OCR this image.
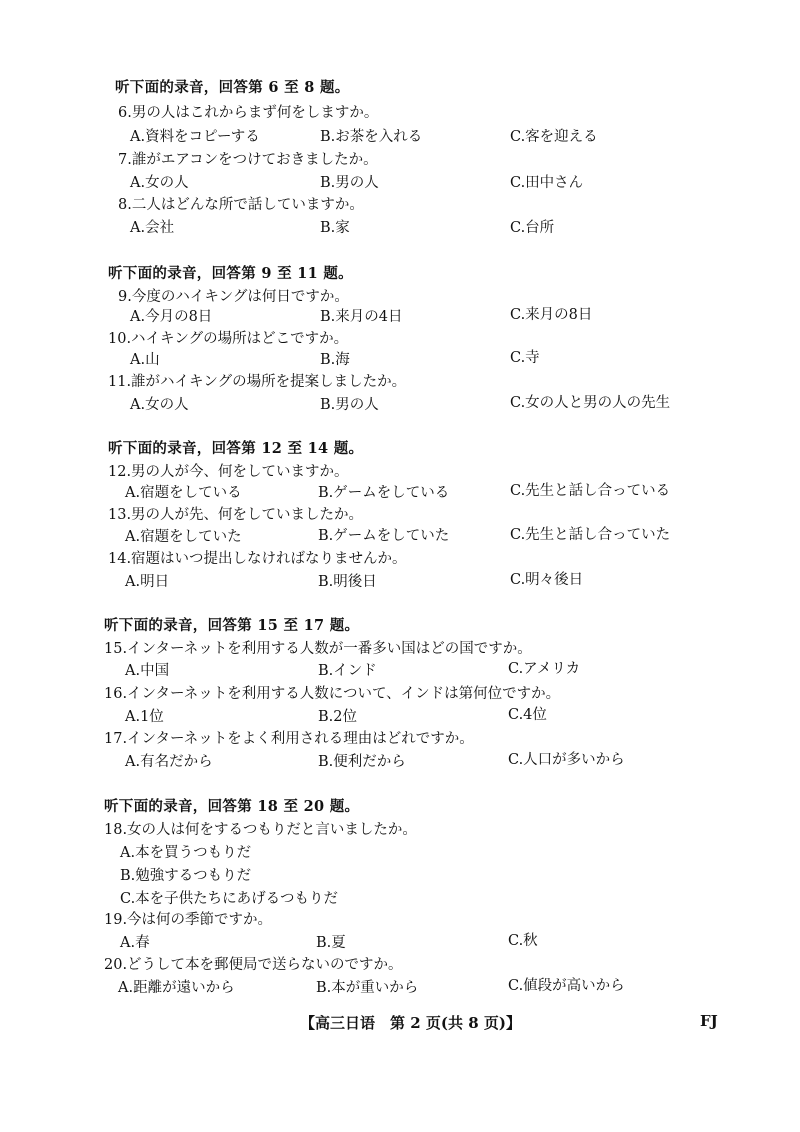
听下面的录音，回答第 6 至 8 题。
6.男の人はこれからまず何をしますか。
A.資料をコピーする	B.お茶を入れる	C.客を迎える
7.誰がエアコンをつけておきましたか。
A.女の人	B.男の人	C.田中さん
8.二人はどんな所で話していますか。
A.会社	B.家	C.台所
听下面的录音，回答第 9 至 11 题。
9.今度のハイキングは何日ですか。
A.今月の8日	B.来月の4日	C.来月の8日
10.ハイキングの場所はどこですか。
A.山	B.海	C.寺
11.誰がハイキングの場所を提案しましたか。
A.女の人	B.男の人	C.女の人と男の人の先生
听下面的录音，回答第 12 至 14 题。
12.男の人が今、何をしていますか。
A.宿題をしている	B.ゲームをしている	C.先生と話し合っている
13.男の人が先、何をしていましたか。
A.宿題をしていた	B.ゲームをしていた	C.先生と話し合っていた
14.宿題はいつ提出しなければなりませんか。
A.明日	B.明後日	C.明々後日
听下面的录音，回答第 15 至 17 题。
15.インターネットを利用する人数が一番多い国はどの国ですか。
A.中国	B.インド	C.アメリカ
16.インターネットを利用する人数について、インドは第何位ですか。
A.1位	B.2位	C.4位
17.インターネットをよく利用される理由はどれですか。
A.有名だから	B.便利だから	C.人口が多いから
听下面的录音，回答第 18 至 20 题。
18.女の人は何をするつもりだと言いましたか。
A.本を買うつもりだ
B.勉強するつもりだ
C.本を子供たちにあげるつもりだ
19.今は何の季節ですか。
A.春	B.夏	C.秋
20.どうして本を郵便局で送らないのですか。
A.距離が遠いから	B.本が重いから	C.値段が高いから
【高三日语　第 2 页(共 8 页)】	FJ
